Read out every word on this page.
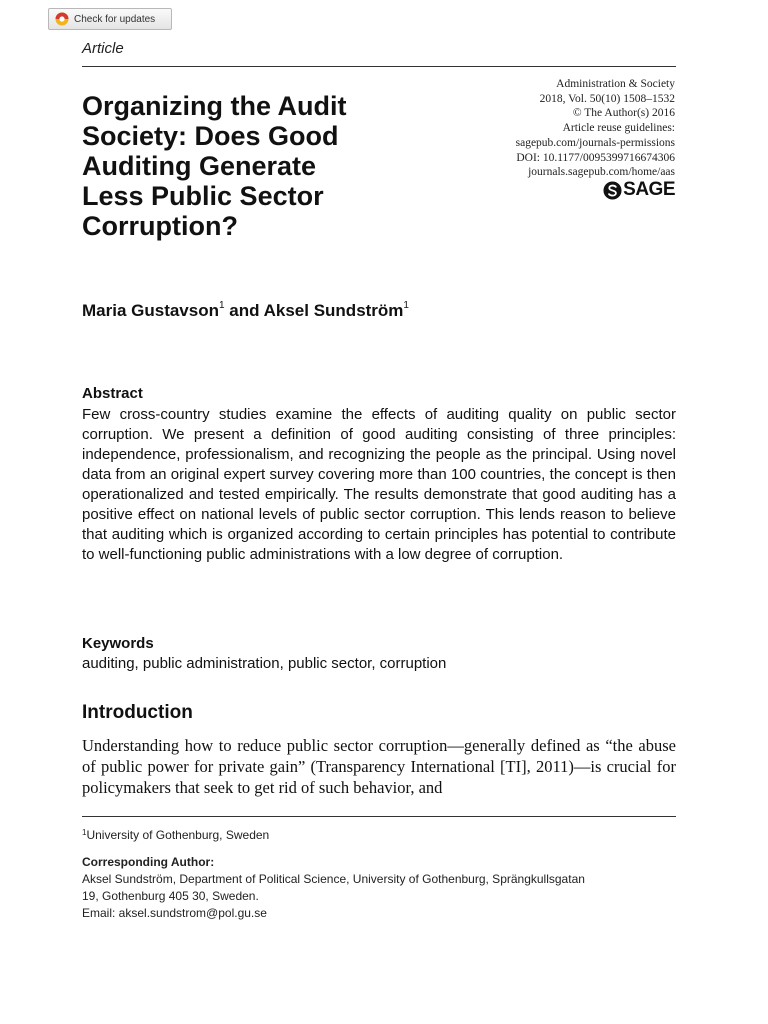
Check for updates
Article
Organizing the Audit
Society: Does Good
Auditing Generate
Less Public Sector
Corruption?
Administration & Society
2018, Vol. 50(10) 1508–1532
© The Author(s) 2016
Article reuse guidelines:
sagepub.com/journals-permissions
DOI: 10.1177/0095399716674306
journals.sagepub.com/home/aas
SAGE
Maria Gustavson$^1$ and Aksel Sundström$^1$
Abstract

Few cross-country studies examine the effects of auditing quality on public sector corruption. We present a definition of good auditing consisting of three principles: independence, professionalism, and recognizing the people as the principal. Using novel data from an original expert survey covering more than 100 countries, the concept is then operationalized and tested empirically. The results demonstrate that good auditing has a positive effect on national levels of public sector corruption. This lends reason to believe that auditing which is organized according to certain principles has potential to contribute to well-functioning public administrations with a low degree of corruption.

Keywords
auditing, public administration, public sector, corruption
Introduction

Understanding how to reduce public sector corruption—generally defined as “the abuse of public power for private gain” (Transparency International [TI], 2011)—is crucial for policymakers that seek to get rid of such behavior, and

$^1$University of Gothenburg, Sweden
Corresponding Author:
Aksel Sundström, Department of Political Science, University of Gothenburg, Sprängkullsgatan
19, Gothenburg 405 30, Sweden.
Email: aksel.sundstrom@pol.gu.se
